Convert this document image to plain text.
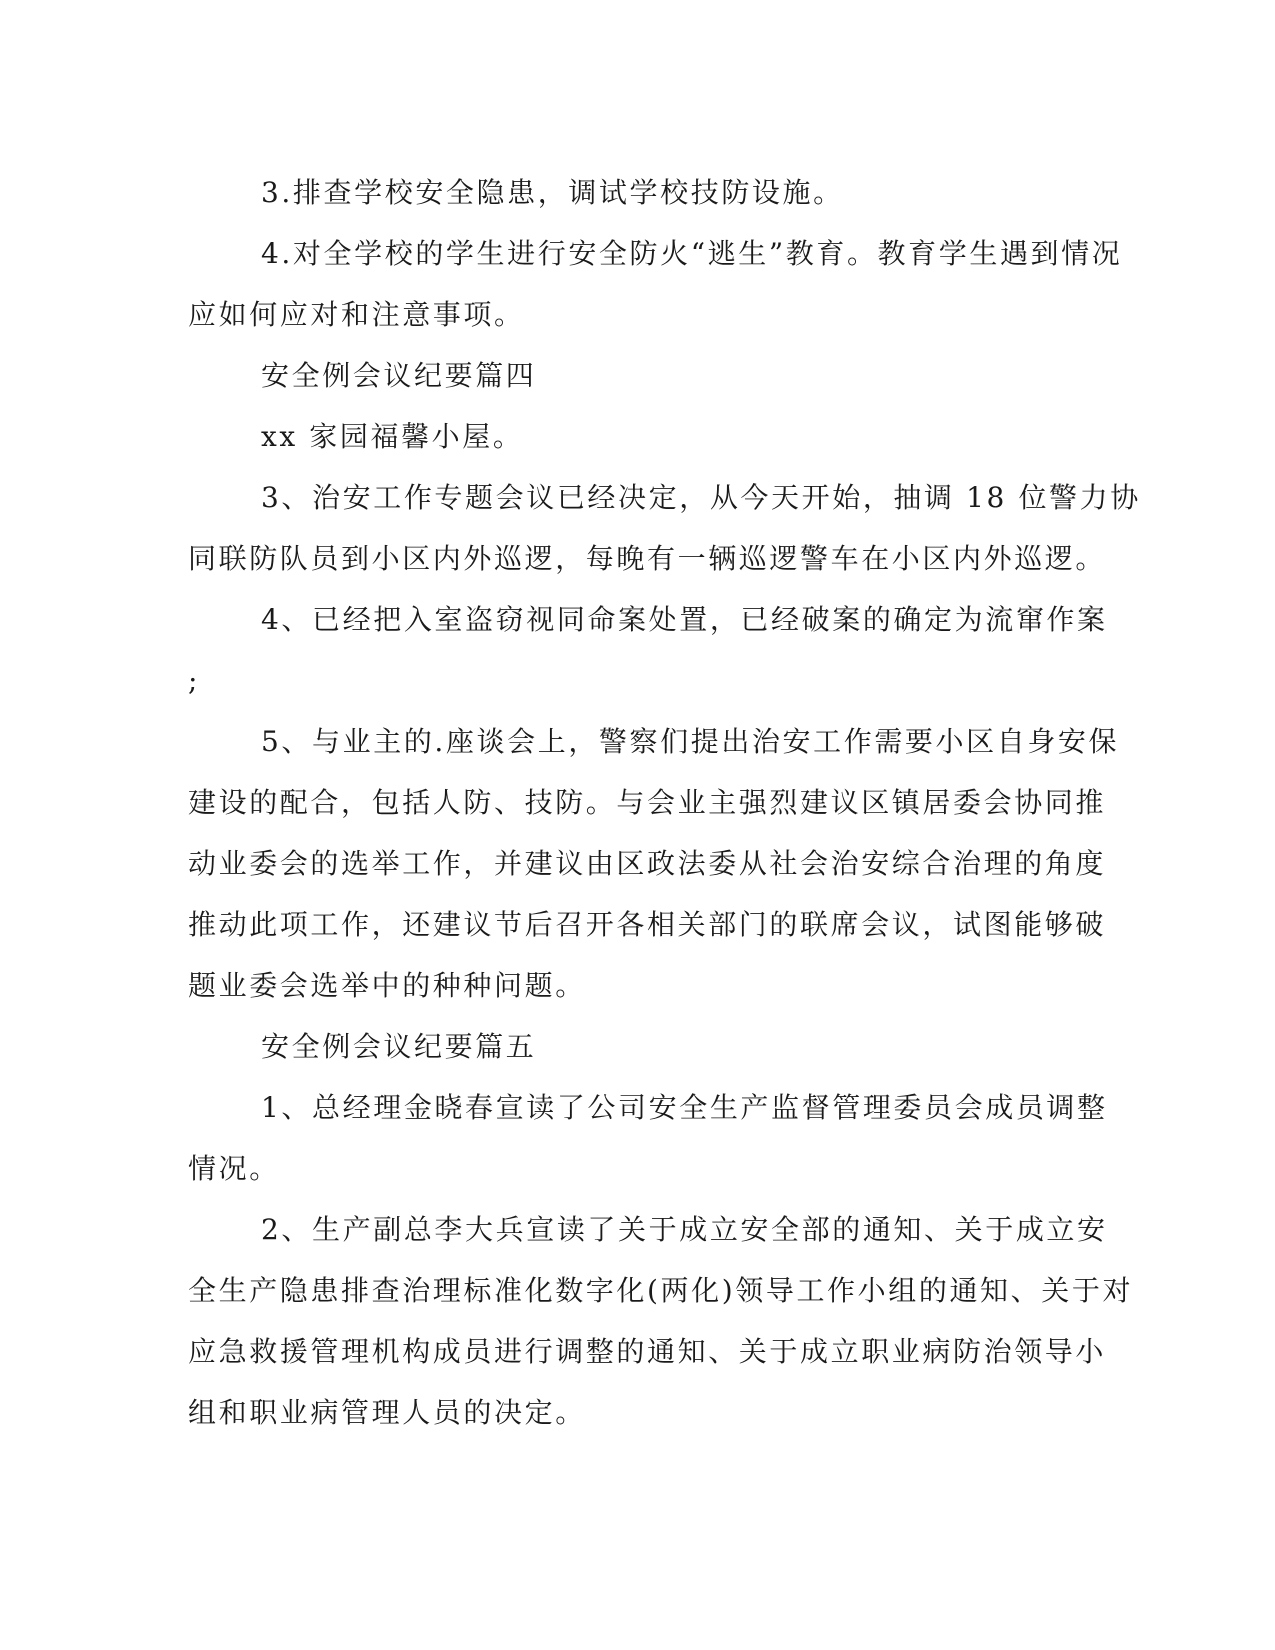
3.排查学校安全隐患，调试学校技防设施。
4.对全学校的学生进行安全防火“逃生”教育。教育学生遇到情况
应如何应对和注意事项。
安全例会议纪要篇四
xx 家园福馨小屋。
3、治安工作专题会议已经决定，从今天开始，抽调 18 位警力协
同联防队员到小区内外巡逻，每晚有一辆巡逻警车在小区内外巡逻。
4、已经把入室盗窃视同命案处置，已经破案的确定为流窜作案
;
5、与业主的.座谈会上，警察们提出治安工作需要小区自身安保
建设的配合，包括人防、技防。与会业主强烈建议区镇居委会协同推
动业委会的选举工作，并建议由区政法委从社会治安综合治理的角度
推动此项工作，还建议节后召开各相关部门的联席会议，试图能够破
题业委会选举中的种种问题。
安全例会议纪要篇五
1、总经理金晓春宣读了公司安全生产监督管理委员会成员调整
情况。
2、生产副总李大兵宣读了关于成立安全部的通知、关于成立安
全生产隐患排查治理标准化数字化(两化)领导工作小组的通知、关于对
应急救援管理机构成员进行调整的通知、关于成立职业病防治领导小
组和职业病管理人员的决定。
